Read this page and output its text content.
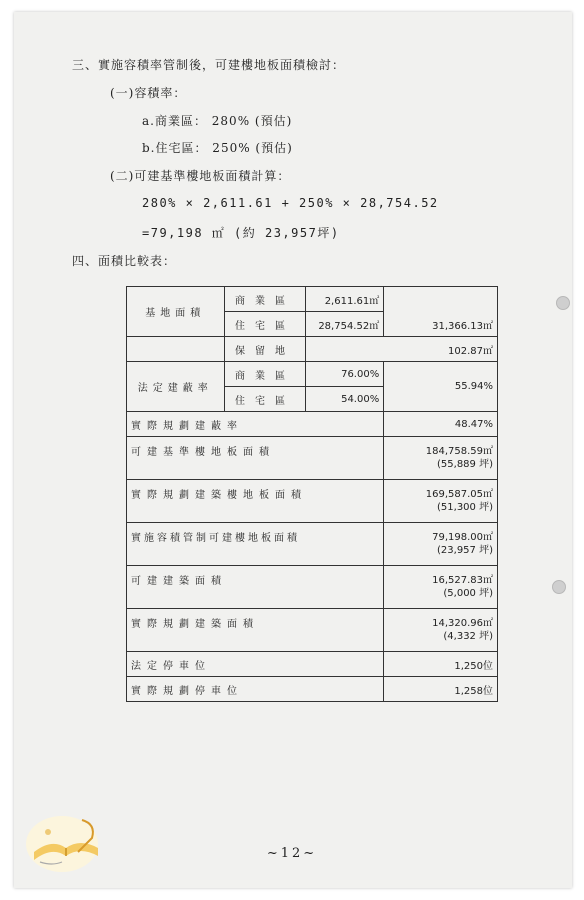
三、實施容積率管制後，可建樓地板面積檢討：
(一)容積率：
a.商業區： 280% (預估)
b.住宅區： 250% (預估)
(二)可建基準樓地板面積計算：
280% × 2,611.61 + 250% × 28,754.52
=79,198 ㎡ (約 23,957坪)
四、面積比較表：
基地面積	商業區	2,611.61㎡	31,366.13㎡
	住宅區	28,754.52㎡	
	保留地	102.87㎡	
法定建蔽率	商業區	76.00%	55.94%
	住宅區	54.00%	
實際規劃建蔽率			48.47%
可建基準樓地板面積			184,758.59㎡
(55,889 坪)

實際規劃建築樓地板面積			169,587.05㎡
(51,300 坪)

實施容積管制可建樓地板面積			79,198.00㎡
(23,957 坪)

可建建築面積			16,527.83㎡
(5,000 坪)

實際規劃建築面積			14,320.96㎡
(4,332 坪)

法定停車位			1,250位
實際規劃停車位			1,258位
~12~
